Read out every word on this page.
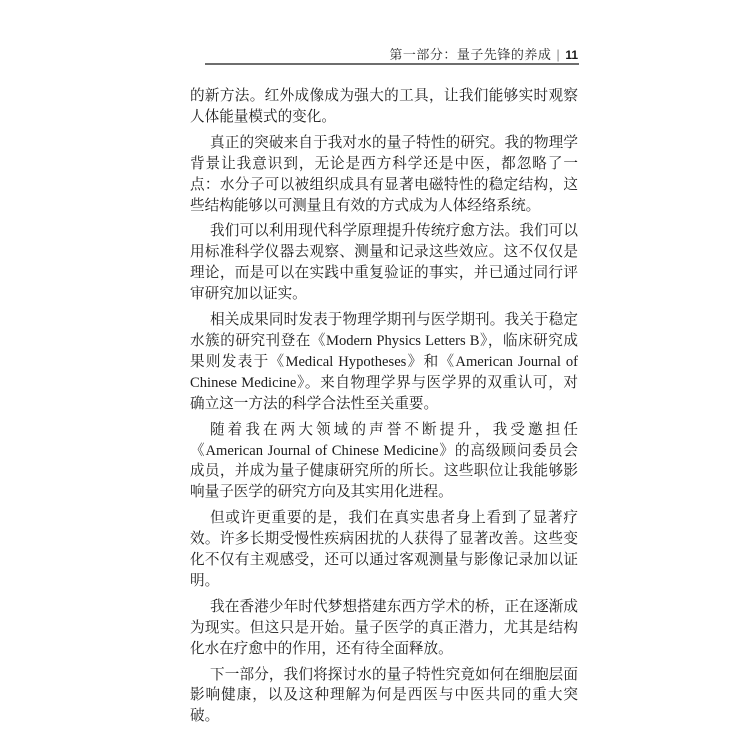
第一部分：量子先锋的养成 | 11

的新方法。红外成像成为强大的工具，让我们能够实时观察人体能量模式的变化。

真正的突破来自于我对水的量子特性的研究。我的物理学背景让我意识到，无论是西方科学还是中医，都忽略了一点：水分子可以被组织成具有显著电磁特性的稳定结构，这些结构能够以可测量且有效的方式成为人体经络系统。

我们可以利用现代科学原理提升传统疗愈方法。我们可以用标准科学仪器去观察、测量和记录这些效应。这不仅仅是理论，而是可以在实践中重复验证的事实，并已通过同行评审研究加以证实。

相关成果同时发表于物理学期刊与医学期刊。我关于稳定水簇的研究刊登在《Modern Physics Letters B》，临床研究成果则发表于《Medical Hypotheses》和《American Journal of Chinese Medicine》。来自物理学界与医学界的双重认可，对确立这一方法的科学合法性至关重要。

随着我在两大领域的声誉不断提升，我受邀担任《American Journal of Chinese Medicine》的高级顾问委员会成员，并成为量子健康研究所的所长。这些职位让我能够影响量子医学的研究方向及其实用化进程。

但或许更重要的是，我们在真实患者身上看到了显著疗效。许多长期受慢性疾病困扰的人获得了显著改善。这些变化不仅有主观感受，还可以通过客观测量与影像记录加以证明。

我在香港少年时代梦想搭建东西方学术的桥，正在逐渐成为现实。但这只是开始。量子医学的真正潜力，尤其是结构化水在疗愈中的作用，还有待全面释放。

下一部分，我们将探讨水的量子特性究竟如何在细胞层面影响健康，以及这种理解为何是西医与中医共同的重大突破。
